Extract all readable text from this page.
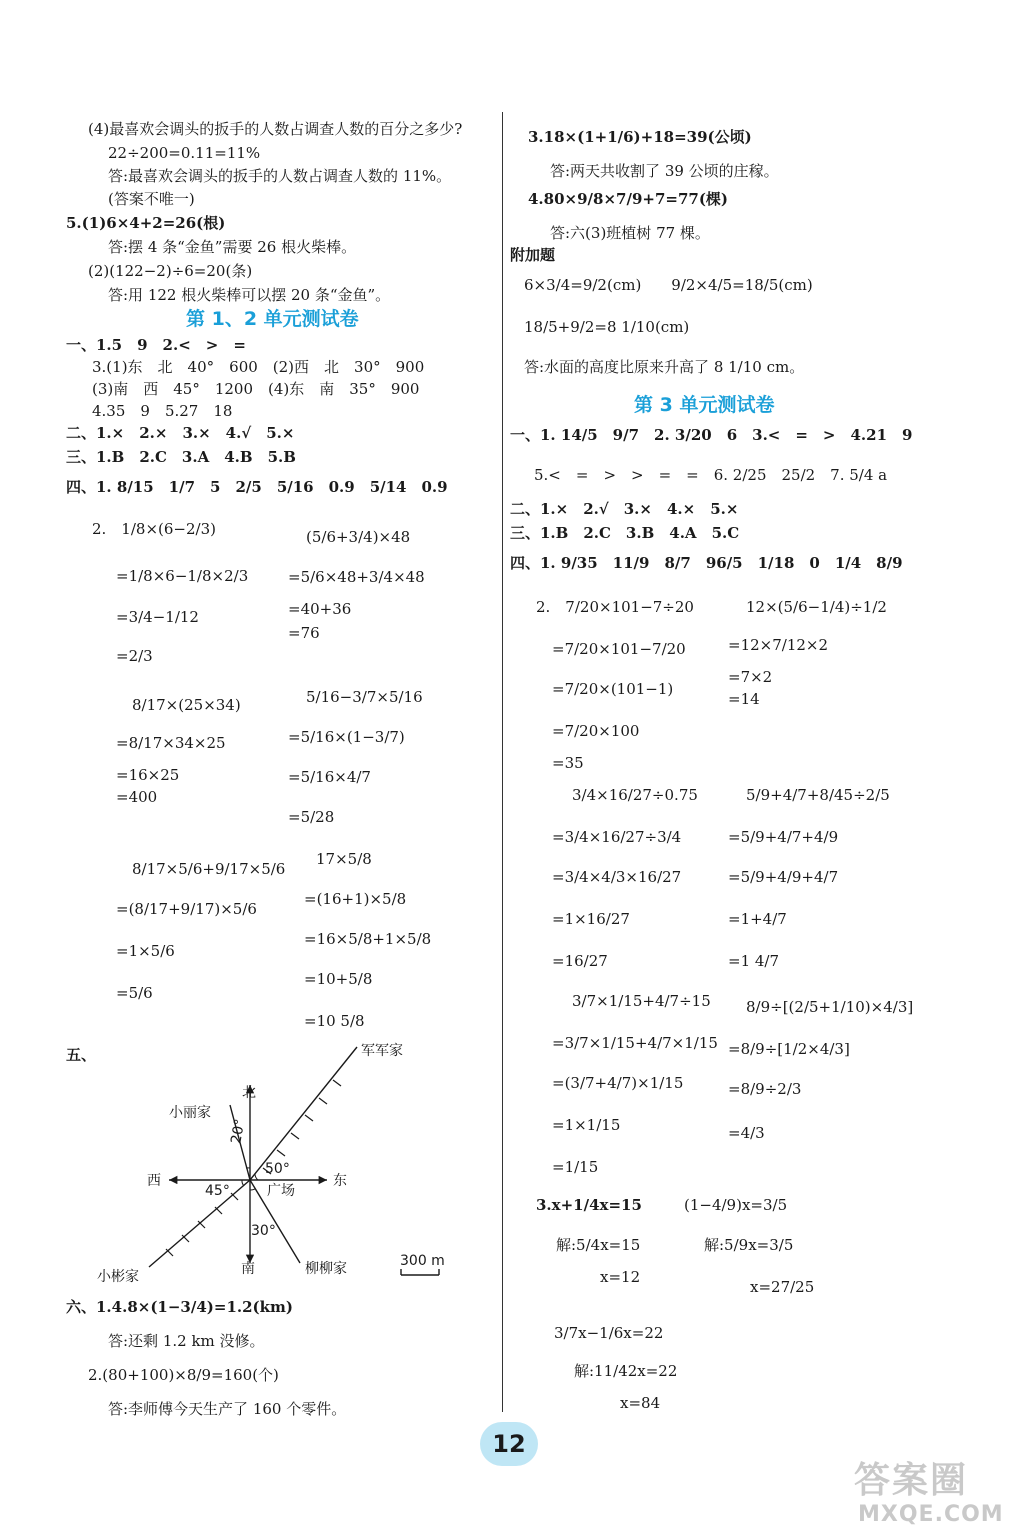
(4)最喜欢会调头的扳手的人数占调查人数的百分之多少?
22÷200=0.11=11%
答:最喜欢会调头的扳手的人数占调查人数的 11%。
(答案不唯一)
5.(1)6×4+2=26(根)
答:摆 4 条“金鱼”需要 26 根火柴棒。
(2)(122−2)÷6=20(条)
答:用 122 根火柴棒可以摆 20 条“金鱼”。
第 1、2 单元测试卷
一、1.5　9　2.<　>　=
3.(1)东　北　40°　600　(2)西　北　30°　900
(3)南　西　45°　1200　(4)东　南　35°　900
4.35　9　5.27　18
二、1.×　2.×　3.×　4.√　5.×
三、1.B　2.C　3.A　4.B　5.B
四、1. 8/15　1/7　5　2/5　5/16　0.9　5/14　0.9
2.　1/8×(6−2/3)
=1/8×6−1/8×2/3
=3/4−1/12
=2/3
(5/6+3/4)×48
=5/6×48+3/4×48
=40+36
=76
8/17×(25×34)
=8/17×34×25
=16×25
=400
5/16−3/7×5/16
=5/16×(1−3/7)
=5/16×4/7
=5/28
8/17×5/6+9/17×5/6
=(8/17+9/17)×5/6
=1×5/6
=5/6
17×5/8
=(16+1)×5/8
=16×5/8+1×5/8
=10+5/8
=10 5/8
五、
北
南
东
西
广场
军军家
小丽家
小彬家	柳柳家
20°
50°
45°
30°
300 m
六、1.4.8×(1−3/4)=1.2(km)
答:还剩 1.2 km 没修。
2.(80+100)×8/9=160(个)
答:李师傅今天生产了 160 个零件。
3.18×(1+1/6)+18=39(公顷)
答:两天共收割了 39 公顷的庄稼。
4.80×9/8×7/9+7=77(棵)
答:六(3)班植树 77 棵。
附加题
6×3/4=9/2(cm)　　9/2×4/5=18/5(cm)
18/5+9/2=8 1/10(cm)
答:水面的高度比原来升高了 8 1/10 cm。
第 3 单元测试卷
一、1. 14/5　9/7　2. 3/20　6　3.<　=　>　4.21　9
5.<　=　>　>　=　=　6. 2/25　25/2　7. 5/4 a
二、1.×　2.√　3.×　4.×　5.×
三、1.B　2.C　3.B　4.A　5.C
四、1. 9/35　11/9　8/7　96/5　1/18　0　1/4　8/9
2.　7/20×101−7÷20
=7/20×101−7/20
=7/20×(101−1)
=7/20×100
=35
12×(5/6−1/4)÷1/2
=12×7/12×2
=7×2
=14
3/4×16/27÷0.75
=3/4×16/27÷3/4
=3/4×4/3×16/27
=1×16/27
=16/27
5/9+4/7+8/45÷2/5
=5/9+4/7+4/9
=5/9+4/9+4/7
=1+4/7
=1 4/7
3/7×1/15+4/7÷15
=3/7×1/15+4/7×1/15
=(3/7+4/7)×1/15
=1×1/15
=1/15
8/9÷[(2/5+1/10)×4/3]
=8/9÷[1/2×4/3]
=8/9÷2/3
=4/3
3.x+1/4x=15
解:5/4x=15
x=12
(1−4/9)x=3/5
解:5/9x=3/5
x=27/25
3/7x−1/6x=22
解:11/42x=22
x=84
12
答案圈
MXQE.COM
